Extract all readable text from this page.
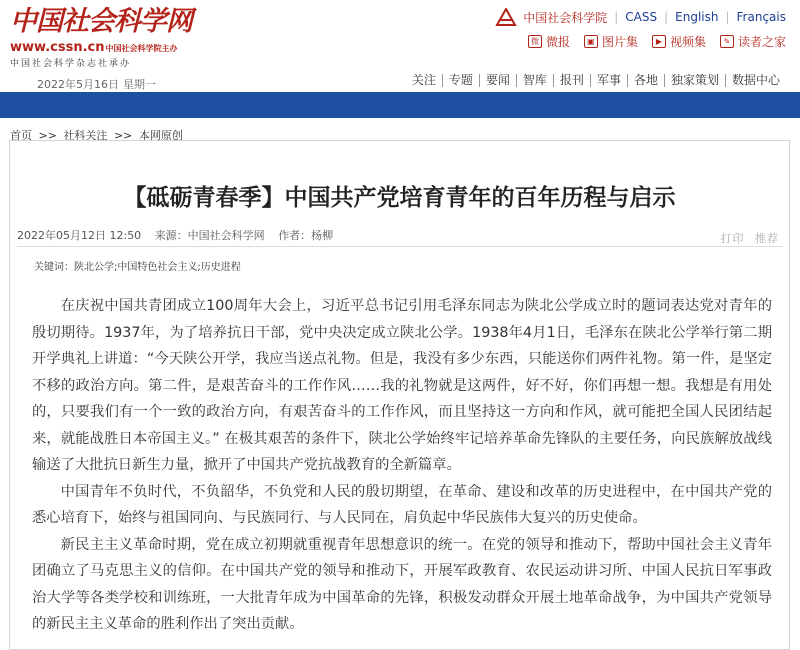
中国社会科学网
www.cssn.cn中国社会科学院主办
中国社会科学杂志社承办
2022年5月16日 星期一
中国社会科学院 | CASS | English | Français
微 微报	▣ 图片集	▶ 视频集	✎ 读者之家
关注	专题	要闻	智库	报刊	军事	各地	独家策划	数据中心
首页 >> 社科关注 >> 本网原创
【砥砺青春季】中国共产党培育青年的百年历程与启示
2022年05月12日 12:50 来源：中国社会科学网 作者：杨柳	打印 推荐
关键词：陕北公学;中国特色社会主义;历史进程

在庆祝中国共青团成立100周年大会上，习近平总书记引用毛泽东同志为陕北公学成立时的题词表达党对青年的殷切期待。1937年，为了培养抗日干部，党中央决定成立陕北公学。1938年4月1日，毛泽东在陕北公学举行第二期开学典礼上讲道：“今天陕公开学，我应当送点礼物。但是，我没有多少东西，只能送你们两件礼物。第一件，是坚定不移的政治方向。第二件，是艰苦奋斗的工作作风……我的礼物就是这两件，好不好，你们再想一想。我想是有用处的，只要我们有一个一致的政治方向，有艰苦奋斗的工作作风，而且坚持这一方向和作风，就可能把全国人民团结起来，就能战胜日本帝国主义。” 在极其艰苦的条件下，陕北公学始终牢记培养革命先锋队的主要任务，向民族解放战线输送了大批抗日新生力量，掀开了中国共产党抗战教育的全新篇章。

中国青年不负时代，不负韶华，不负党和人民的殷切期望，在革命、建设和改革的历史进程中，在中国共产党的悉心培育下，始终与祖国同向、与民族同行、与人民同在，肩负起中华民族伟大复兴的历史使命。

新民主主义革命时期，党在成立初期就重视青年思想意识的统一。在党的领导和推动下，帮助中国社会主义青年团确立了马克思主义的信仰。在中国共产党的领导和推动下，开展军政教育、农民运动讲习所、中国人民抗日军事政治大学等各类学校和训练班，一大批青年成为中国革命的先锋，积极发动群众开展土地革命战争，为中国共产党领导的新民主主义革命的胜利作出了突出贡献。
